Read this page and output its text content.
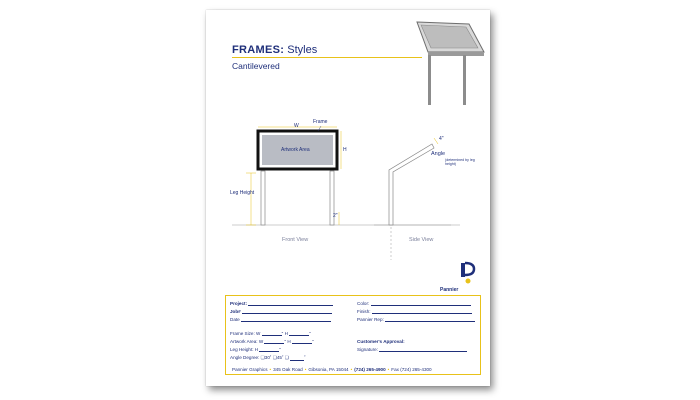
FRAMES: Styles
Cantilevered
Frame
W
H
Artwork Area
Leg Height
2"
Front View	Side View
Angle
(determined by leg height)
4"
Pannier
Project:
Job#
Date
Frame Size: W	" H	"
Artwork Area: W	" H	"
Leg Height: H	"
Angle Degree: ❏30˚ ❏45˚ ❏	˚
Color:
Finish:
Pannier Rep:
Customer's Approval:
Signature:
Pannier Graphics • 345 Oak Road • Gibsonia, PA 15044 • (724) 265-4900 • Fax (724) 265-4300
